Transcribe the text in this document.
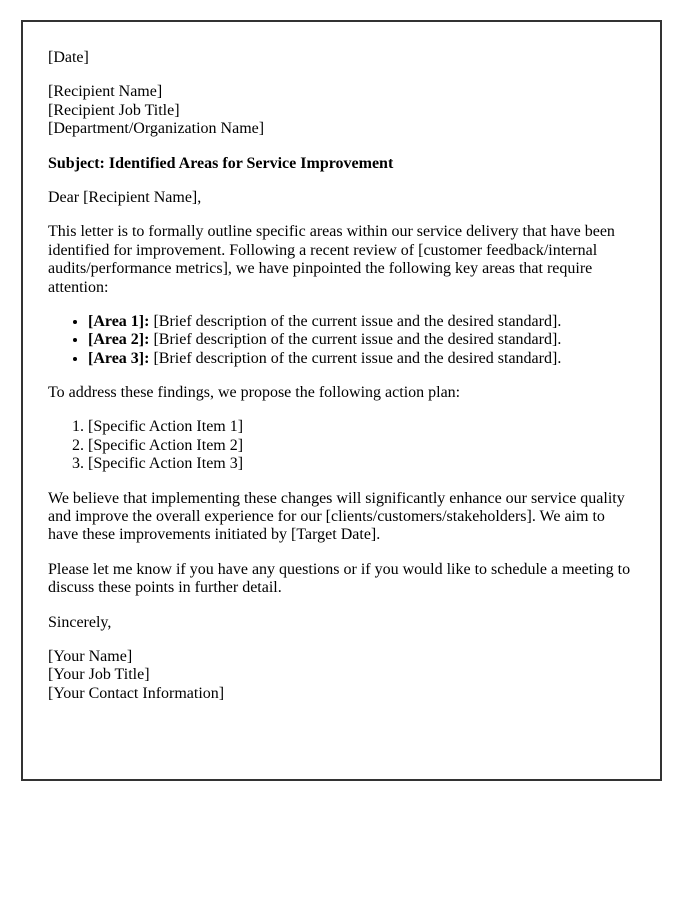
[Date]

[Recipient Name]
[Recipient Job Title]
[Department/Organization Name]

Subject: Identified Areas for Service Improvement

Dear [Recipient Name],

This letter is to formally outline specific areas within our service delivery that have been identified for improvement. Following a recent review of [customer feedback/internal audits/performance metrics], we have pinpointed the following key areas that require attention:

• [Area 1]: [Brief description of the current issue and the desired standard].
• [Area 2]: [Brief description of the current issue and the desired standard].
• [Area 3]: [Brief description of the current issue and the desired standard].

To address these findings, we propose the following action plan:

1. [Specific Action Item 1]
2. [Specific Action Item 2]
3. [Specific Action Item 3]

We believe that implementing these changes will significantly enhance our service quality and improve the overall experience for our [clients/customers/stakeholders]. We aim to have these improvements initiated by [Target Date].

Please let me know if you have any questions or if you would like to schedule a meeting to discuss these points in further detail.

Sincerely,

[Your Name]
[Your Job Title]
[Your Contact Information]
